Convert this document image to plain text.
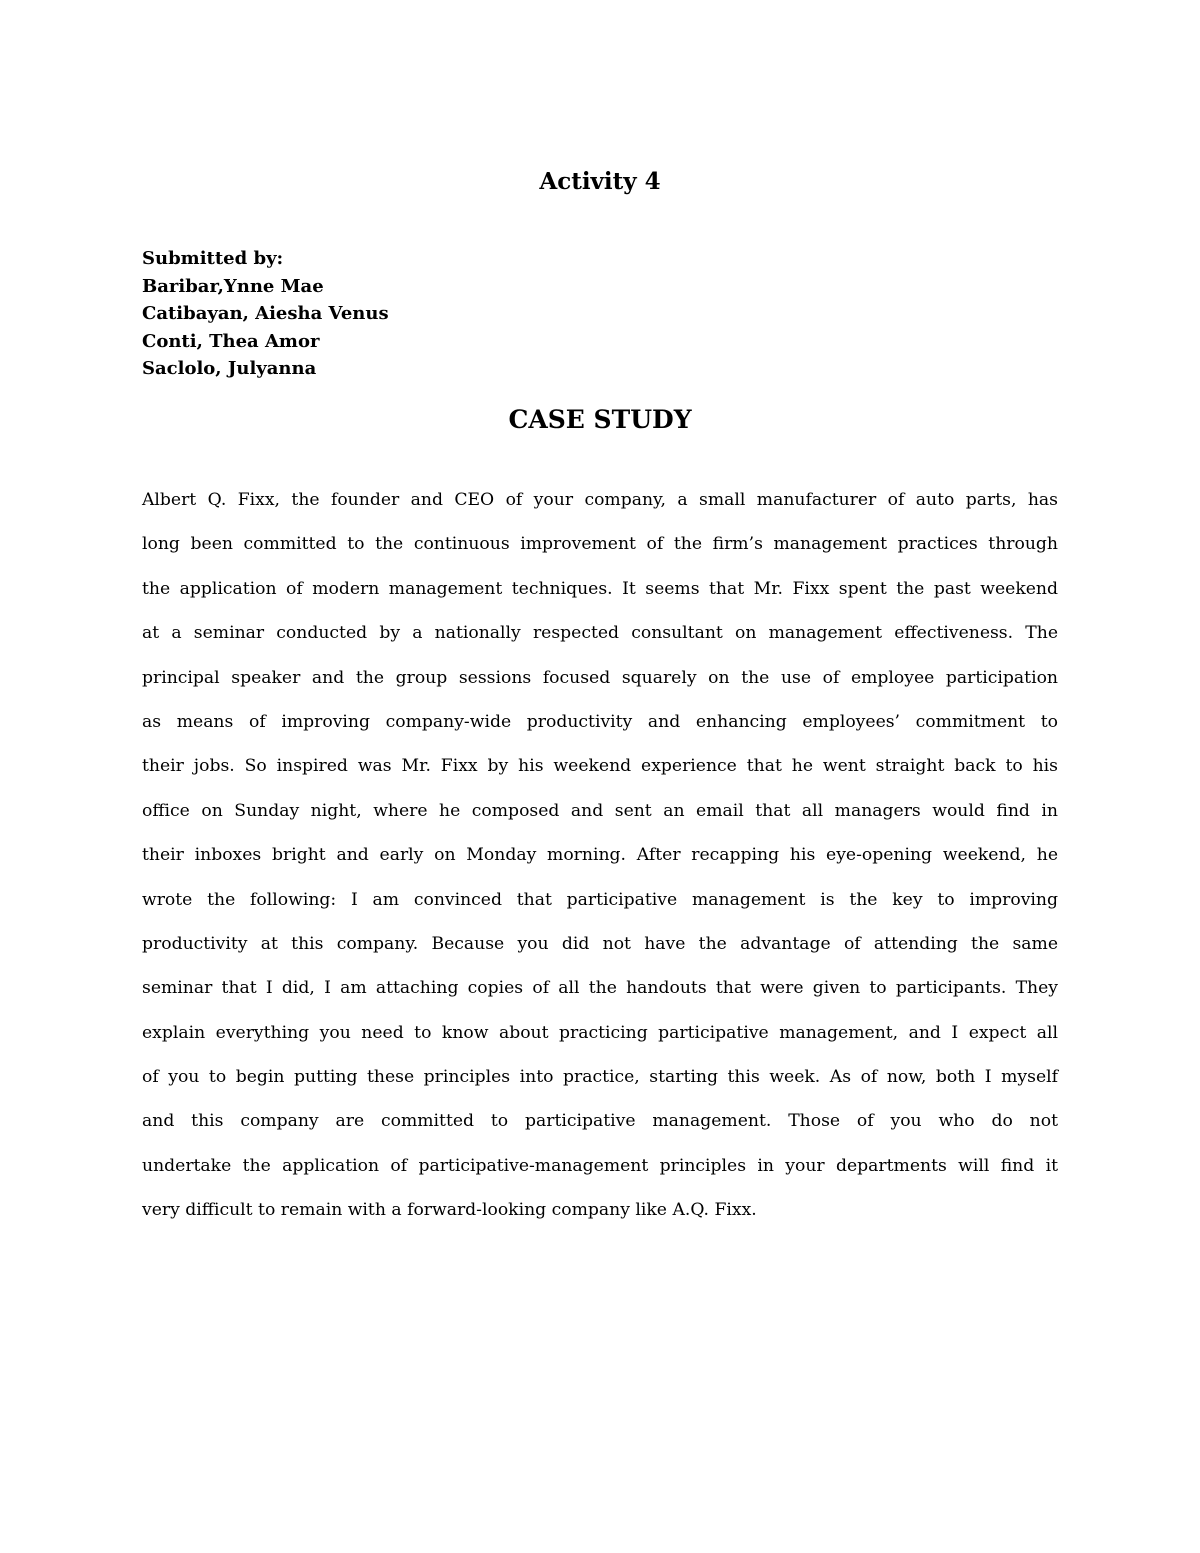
Activity 4
Submitted by:
Baribar,Ynne Mae
Catibayan, Aiesha Venus
Conti, Thea Amor
Saclolo, Julyanna
CASE STUDY
Albert Q. Fixx, the founder and CEO of your company, a small manufacturer of auto parts, has
long been committed to the continuous improvement of the firm’s management practices through
the application of modern management techniques. It seems that Mr. Fixx spent the past weekend
at a seminar conducted by a nationally respected consultant on management effectiveness. The
principal speaker and the group sessions focused squarely on the use of employee participation
as means of improving company-wide productivity and enhancing employees’ commitment to
their jobs. So inspired was Mr. Fixx by his weekend experience that he went straight back to his
office on Sunday night, where he composed and sent an email that all managers would find in
their inboxes bright and early on Monday morning. After recapping his eye-opening weekend, he
wrote the following: I am convinced that participative management is the key to improving
productivity at this company. Because you did not have the advantage of attending the same
seminar that I did, I am attaching copies of all the handouts that were given to participants. They
explain everything you need to know about practicing participative management, and I expect all
of you to begin putting these principles into practice, starting this week. As of now, both I myself
and this company are committed to participative management. Those of you who do not
undertake the application of participative-management principles in your departments will find it
very difficult to remain with a forward-looking company like A.Q. Fixx.
